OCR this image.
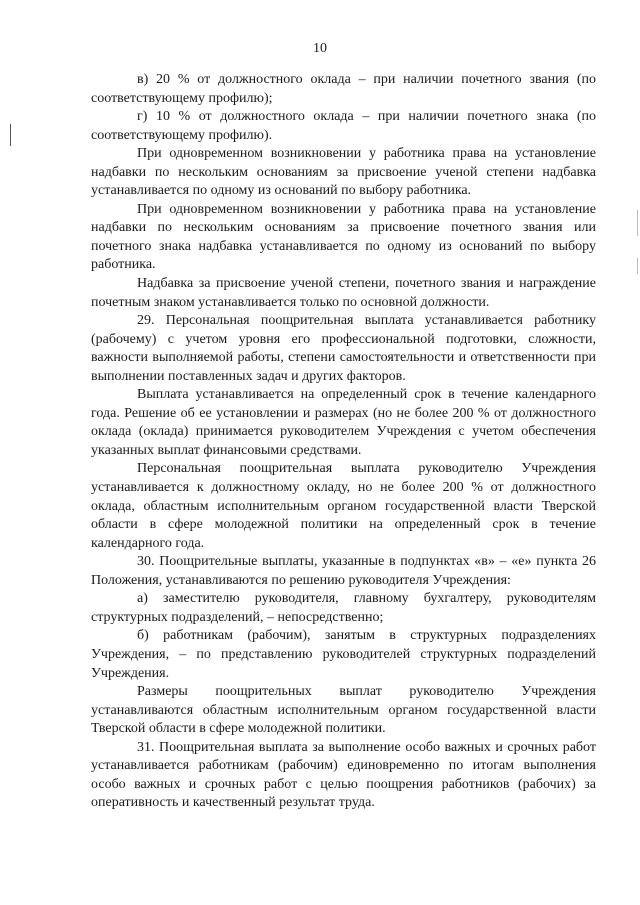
10

в) 20 % от должностного оклада – при наличии почетного звания (по соответствующему профилю);

г) 10 % от должностного оклада – при наличии почетного знака (по соответствующему профилю).

При одновременном возникновении у работника права на установление надбавки по нескольким основаниям за присвоение ученой степени надбавка устанавливается по одному из оснований по выбору работника.

При одновременном возникновении у работника права на установление надбавки по нескольким основаниям за присвоение почетного звания или почетного знака надбавка устанавливается по одному из оснований по выбору работника.

Надбавка за присвоение ученой степени, почетного звания и награждение почетным знаком устанавливается только по основной должности.

29. Персональная поощрительная выплата устанавливается работнику (рабочему) с учетом уровня его профессиональной подготовки, сложности, важности выполняемой работы, степени самостоятельности и ответственности при выполнении поставленных задач и других факторов.

Выплата устанавливается на определенный срок в течение календарного года. Решение об ее установлении и размерах (но не более 200 % от должностного оклада (оклада) принимается руководителем Учреждения с учетом обеспечения указанных выплат финансовыми средствами.

Персональная поощрительная выплата руководителю Учреждения устанавливается к должностному окладу, но не более 200 % от должностного оклада, областным исполнительным органом государственной власти Тверской области в сфере молодежной политики на определенный срок в течение календарного года.

30. Поощрительные выплаты, указанные в подпунктах «в» – «е» пункта 26 Положения, устанавливаются по решению руководителя Учреждения:

а) заместителю руководителя, главному бухгалтеру, руководителям структурных подразделений, – непосредственно;

б) работникам (рабочим), занятым в структурных подразделениях Учреждения, – по представлению руководителей структурных подразделений Учреждения.

Размеры поощрительных выплат руководителю Учреждения устанавливаются областным исполнительным органом государственной власти Тверской области в сфере молодежной политики.

31. Поощрительная выплата за выполнение особо важных и срочных работ устанавливается работникам (рабочим) единовременно по итогам выполнения особо важных и срочных работ с целью поощрения работников (рабочих) за оперативность и качественный результат труда.
